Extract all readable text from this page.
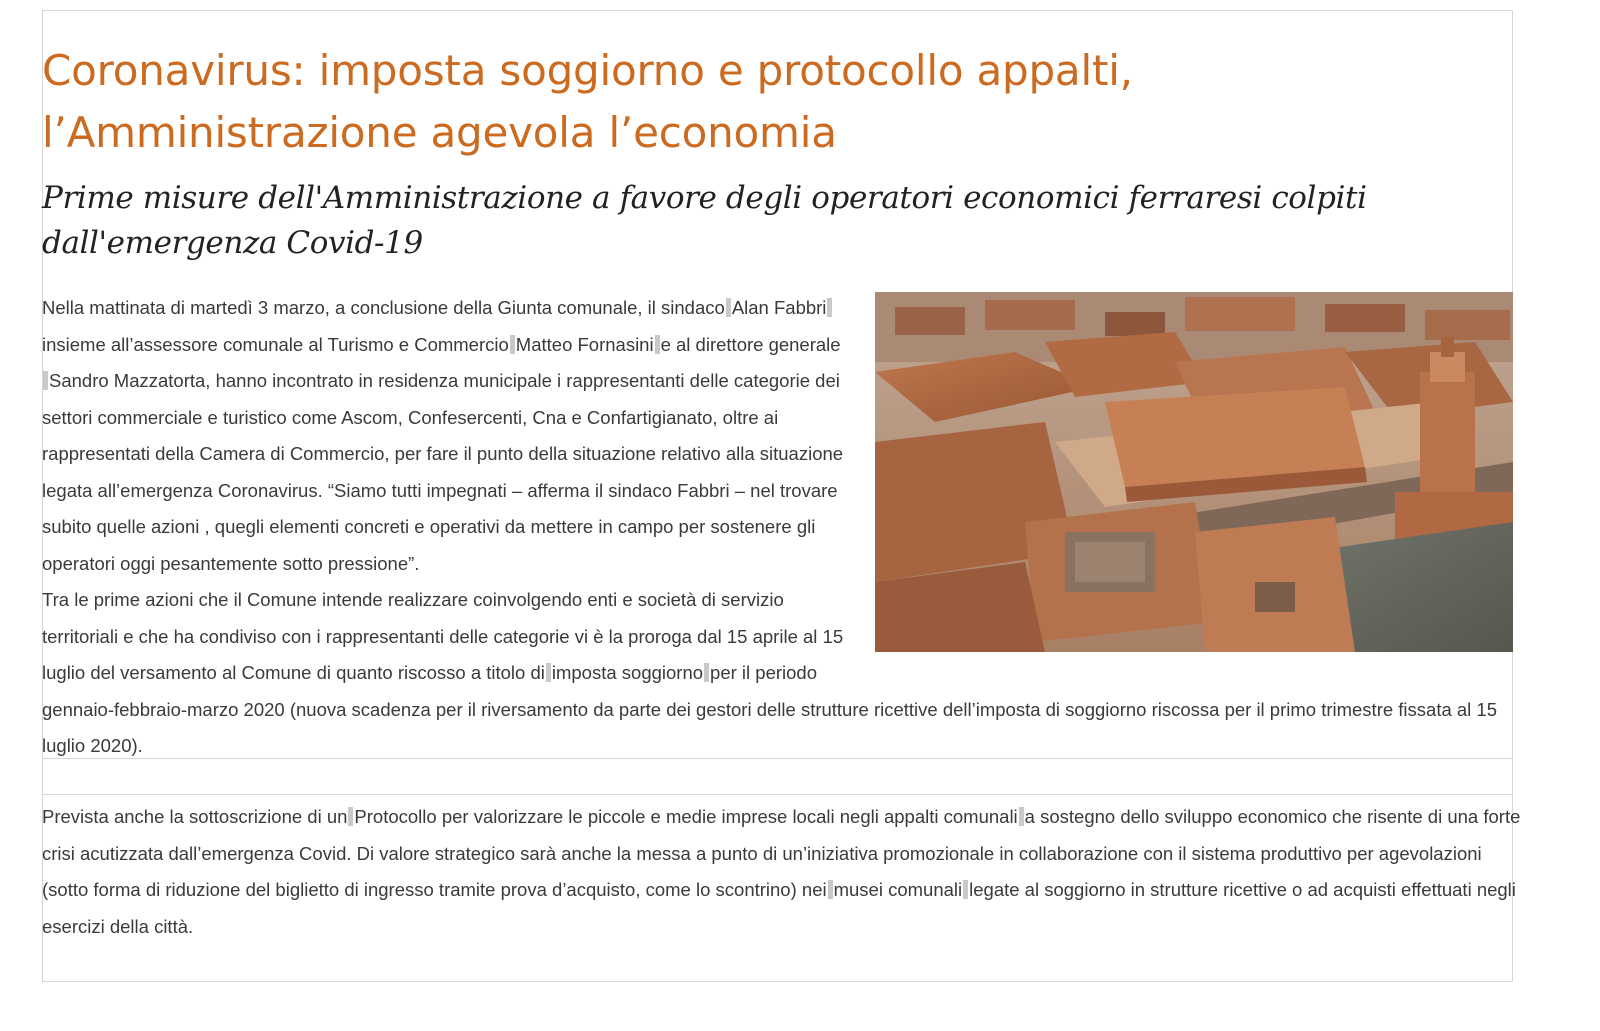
Coronavirus: imposta soggiorno e protocollo appalti,
l’Amministrazione agevola l’economia
Prime misure dell'Amministrazione a favore degli operatori economici ferraresi colpiti
dall'emergenza Covid-19

Nella mattinata di martedì 3 marzo, a conclusione della Giunta comunale, il sindaco Alan Fabbriinsieme all’assessore comunale al Turismo e Commercio Matteo Fornasini e al direttore generaleSandro Mazzatorta, hanno incontrato in residenza municipale i rappresentanti delle categorie dei settori commerciale e turistico come Ascom, Confesercenti, Cna e Confartigianato, oltre ai rappresentati della Camera di Commercio, per fare il punto della situazione relativo alla situazione legata all’emergenza Coronavirus. “Siamo tutti impegnati – afferma il sindaco Fabbri – nel trovare subito quelle azioni , quegli elementi concreti e operativi da mettere in campo per sostenere gli operatori oggi pesantemente sotto pressione”.

Tra le prime azioni che il Comune intende realizzare coinvolgendo enti e società di servizio territoriali e che ha condiviso con i rappresentanti delle categorie vi è la proroga dal 15 aprile al 15 luglio del versamento al Comune di quanto riscosso a titolo di imposta soggiorno per il periodo gennaio-febbraio-marzo 2020 (nuova scadenza per il riversamento da parte dei gestori delle strutture ricettive dell’imposta di soggiorno riscossa per il primo trimestre fissata al 15 luglio 2020).

Prevista anche la sottoscrizione di un Protocollo per valorizzare le piccole e medie imprese locali negli appalti comunali a sostegno dello sviluppo economico che risente di una forte crisi acutizzata dall’emergenza Covid. Di valore strategico sarà anche la messa a punto di un’iniziativa promozionale in collaborazione con il sistema produttivo per agevolazioni (sotto forma di riduzione del biglietto di ingresso tramite prova d’acquisto, come lo scontrino) nei musei comunali legate al soggiorno in strutture ricettive o ad acquisti effettuati negli esercizi della città.
